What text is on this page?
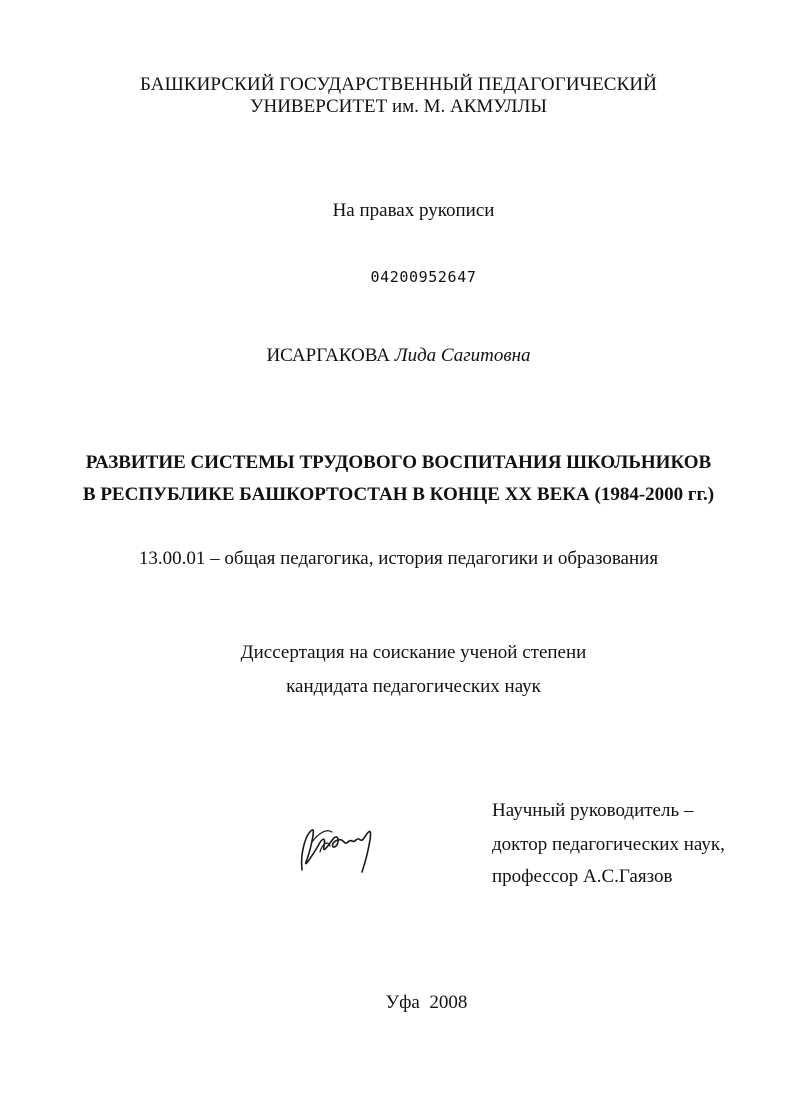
БАШКИРСКИЙ ГОСУДАРСТВЕННЫЙ ПЕДАГОГИЧЕСКИЙ
УНИВЕРСИТЕТ им. М. АКМУЛЛЫ
На правах рукописи
04200952647
ИСАРГАКОВА Лида Сагитовна
РАЗВИТИЕ СИСТЕМЫ ТРУДОВОГО ВОСПИТАНИЯ ШКОЛЬНИКОВ
В РЕСПУБЛИКЕ БАШКОРТОСТАН В КОНЦЕ XX ВЕКА (1984-2000 гг.)
13.00.01 – общая педагогика, история педагогики и образования
Диссертация на соискание ученой степени
кандидата педагогических наук
Научный руководитель –
доктор педагогических наук,
профессор А.С.Гаязов
Уфа  2008
